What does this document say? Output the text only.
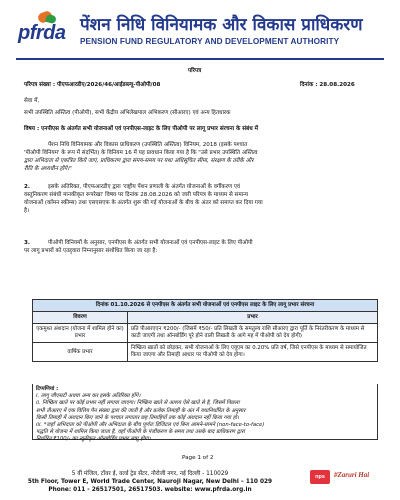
pfrda पेंशन निधि विनियामक और विकास प्राधिकरण
PENSION FUND REGULATORY AND DEVELOPMENT AUTHORITY
परिपत्र
परिपत्र संख्या : पीएफआरडीए/2026/46/आईडब्ल्यू-पीओपी/08	दिनांक : 28.08.2026
सेवा में,
सभी उपस्थिति अस्तित्व (पीओपी), सभी केंद्रीय अभिलेखपाल अभिकरण (सीआरए) एवं अन्य हितधारक
विषय : एनपीएस के अंतर्गत सभी योजनाओं एवं एनपीएस-लाइट के लिए पीओपी पर लागू प्रभार संरचना के संबंध में
पेंशन निधि विनियामक और विकास प्राधिकरण (उपस्थिति अस्तित्व) विनियम, 2018 (इसके पश्चात
'पीओपी विनियम' के रूप में संदर्भित) के विनियम 16 में यह प्रावधान किया गया है कि "उसे प्रभार उपस्थिति अस्तित्व
द्वारा अभिदाता से एकत्रित किये जाएं, प्राधिकरण द्वारा समय-समय पर यथा अधिसूचित सीमा, संरक्षण के तरीके और
रीति के अध्यधीन होंगे।"
2.	इसके अतिरिक्त, पीएफआरडीए द्वारा 'राष्ट्रीय पेंशन प्रणाली के अंतर्गत योजनाओं के वर्गीकरण एवं
वस्तुनिकरण संबंधी मानकीकृत रूपरेखा' विषय पर दिनांक 28.08.2026 को जारी परिपत्र के माध्यम से समान्य
योजनाओं (कॉमन स्कीम्स) तथा एसएसएफ के अंतर्गत शुरू की गई योजनाओं के बीच के अंतर को समाप्त कर दिया गया
है।
3.	पीओपी विनियमों के अनुसार, एनपीएस के अंतर्गत सभी योजनाओं एवं एनपीएस-लाइट के लिए पीओपी
पर लागू प्रभारों को एतद्द्वारा निम्नानुसार संशोधित किया जा रहा है:
दिनांक 01.10.2026 से एनपीएस के अंतर्गत सभी योजनाओं एवं एनपीएस लाइट के लिए लागू प्रभार संरचना	
विवरण	प्रभार
एकमुश्त अंशदान (योजना में शामिल होने का) प्रभार	प्रति पीआरएएन ₹200/- (जिसमें ₹50/- प्रति लिखती के समतुल्य राशि सीआरए द्वारा पूर्ति के निरंतरीकरण के माध्यम से काटी जाएगी तथा ऑनबोर्डिंग पूरे होने वाली लिखती के आगे मह में पीओपी को देय होगी)
वार्षिक प्रभार	निष्क्रिय खातों को छोड़कर, सभी योजनाओं के लिए एयूएम का 0.20% प्रति वर्ष, जिसे एनपीएस के माध्यम से समायोजित किया जाएगा और तिमाही आधार पर पीओपी को देय होगा।
टिप्पणियां :
i. लागू जीएसटी अथवा अन्य कर इसके अतिरिक्त होंगे।
ii. निष्क्रिय खाते पर कोई प्रभार नहीं लगाया जाएगा। निष्क्रिय खाते से आशय ऐसे खाते से है, जिसमें पिछला
सभी तीआरए में एक वित्तिय पैन संख्या द्वारा की जाती है और प्रत्येक तिमाही के अंत में यथानिर्धारित के अनुसार
किसी तिमाही में अंशदान किए जाने के पश्चात लगातार छह तिमाहियों तक कोई अंशदान नहीं किया गया हो।
iii. *जहाँ अभिदाता को पीओपी और अभिदाता के बीच पूर्णतः डिजिटल एवं बिना आमने-सामने (non-face-to-face)
पद्धति से योजना में शामिल किया जाता है, वहाँ पीओपी के पंजीकरण के समय तथा उसके बाद प्राधिकरण द्वारा
निर्धारित ₹100/- का न्यूनीकृत ऑनबोर्डिंग प्रभार लागू होगा।
Page 1 of 2
5 वीं मंजिल, टॉवर ई, वर्ल्ड ट्रेड सेंटर, नौरोजी नगर, नई दिल्ली - 110029
5th Floor, Tower E, World Trade Center, Nauroji Nagar, New Delhi – 110 029
Phone: 011 - 26517501, 26517503. website: www.pfrda.org.in
nps	#Zaruri Hai
